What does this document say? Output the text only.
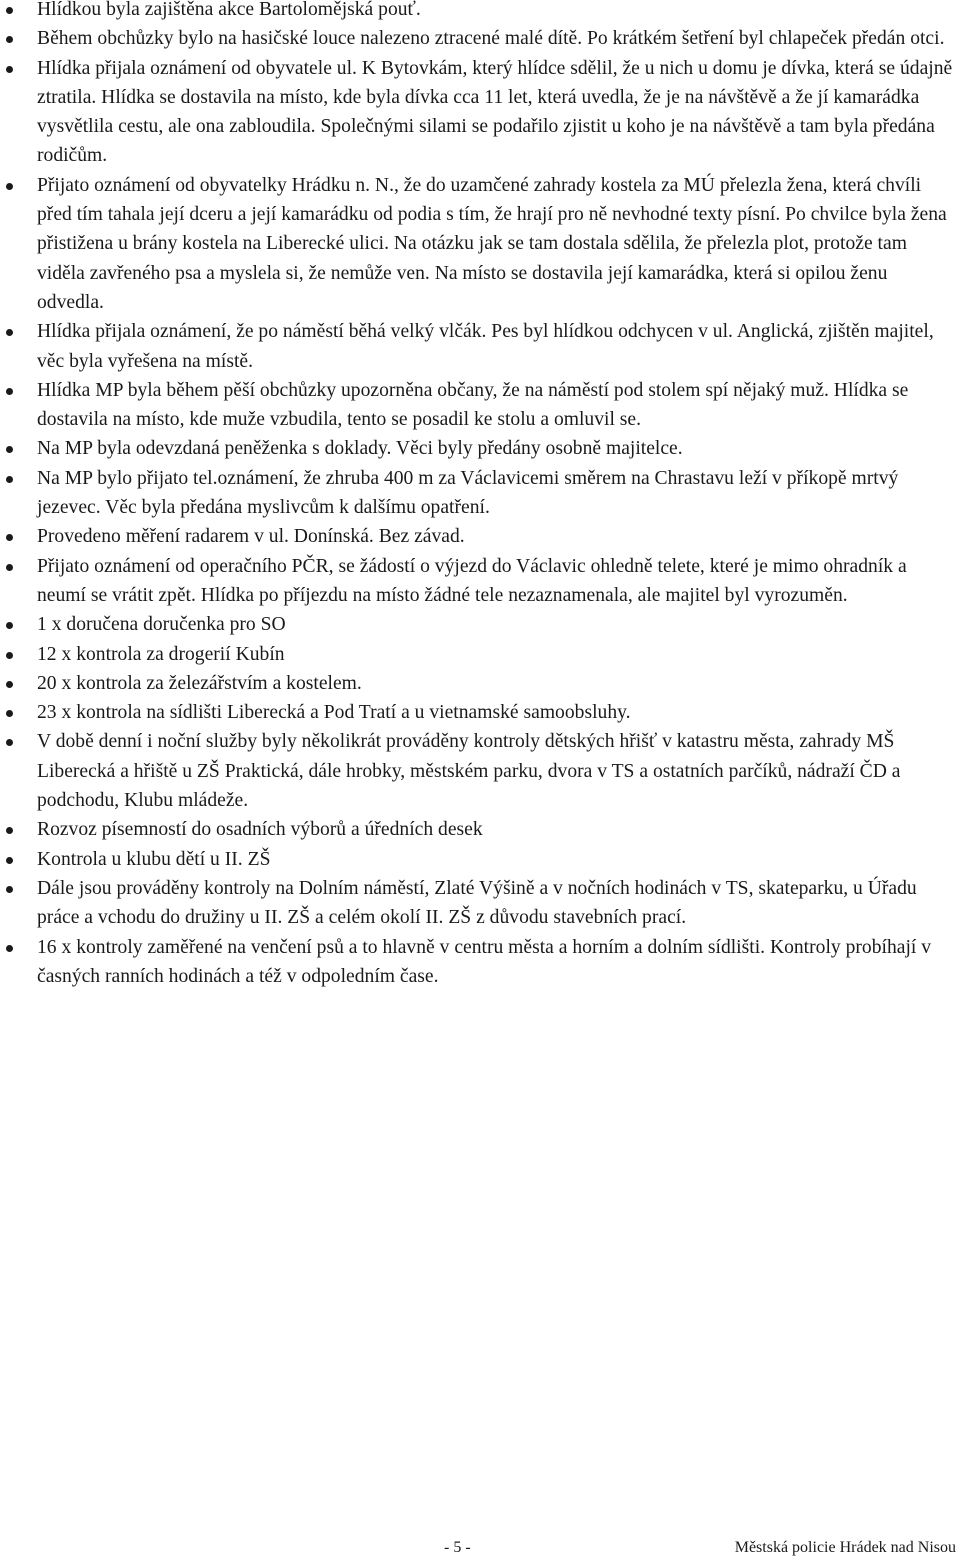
Hlídkou byla zajištěna akce Bartolomějská pouť.
Během obchůzky bylo na hasičské louce nalezeno ztracené malé dítě. Po krátkém šetření byl chlapeček předán otci.
Hlídka přijala oznámení od obyvatele ul. K Bytovkám, který hlídce sdělil, že u nich u domu je dívka, která se údajně ztratila. Hlídka se dostavila na místo, kde byla dívka cca 11 let, která uvedla, že je na návštěvě a že jí kamarádka vysvětlila cestu, ale ona zabloudila. Společnými silami se podařilo zjistit u koho je na návštěvě a tam byla předána rodičům.
Přijato oznámení od obyvatelky Hrádku n. N., že do uzamčené zahrady kostela za MÚ přelezla žena, která chvíli před tím tahala její dceru a její kamarádku od podia s tím, že hrají pro ně nevhodné texty písní. Po chvilce byla žena přistižena u brány kostela na Liberecké ulici. Na otázku jak se tam dostala sdělila, že přelezla plot, protože tam viděla zavřeného psa a myslela si, že nemůže ven. Na místo se dostavila její kamarádka, která si opilou ženu odvedla.
Hlídka přijala oznámení, že po náměstí běhá velký vlčák. Pes byl hlídkou odchycen v ul. Anglická, zjištěn majitel, věc byla vyřešena na místě.
Hlídka MP byla během pěší obchůzky upozorněna občany, že na náměstí pod stolem spí nějaký muž. Hlídka se dostavila na místo, kde muže vzbudila, tento se posadil ke stolu a omluvil se.
Na MP byla odevzdaná peněženka s doklady. Věci byly předány osobně majitelce.
Na MP bylo přijato tel.oznámení, že zhruba 400 m za Václavicemi směrem na Chrastavu leží v příkopě mrtvý jezevec. Věc byla předána myslivcům k dalšímu opatření.
Provedeno měření radarem v ul. Donínská. Bez závad.
Přijato oznámení od operačního PČR, se žádostí o výjezd do Václavic ohledně telete, které je mimo ohradník a neumí se vrátit zpět. Hlídka po příjezdu na místo žádné tele nezaznamenala, ale majitel byl vyrozuměn.
1 x doručena doručenka pro SO
12 x kontrola za drogerií Kubín
20 x kontrola za železářstvím a kostelem.
23 x kontrola na sídlišti Liberecká a Pod Tratí a u vietnamské samoobsluhy.
V době denní i noční služby byly několikrát prováděny kontroly dětských hřišť v katastru města, zahrady MŠ Liberecká a hřiště u ZŠ Praktická, dále hrobky, městském parku, dvora v TS a ostatních parčíků, nádraží ČD a podchodu, Klubu mládeže.
Rozvoz písemností do osadních výborů a úředních desek
Kontrola u klubu dětí u II. ZŠ
Dále jsou prováděny kontroly na Dolním náměstí, Zlaté Výšině a v nočních hodinách v TS, skateparku, u Úřadu práce a vchodu do družiny u II. ZŠ a celém okolí II. ZŠ z důvodu stavebních prací.
16 x kontroly zaměřené na venčení psů a to hlavně v centru města a horním a dolním sídlišti. Kontroly probíhají v časných ranních hodinách a též v odpoledním čase.
- 5 -	Městská policie Hrádek nad Nisou
